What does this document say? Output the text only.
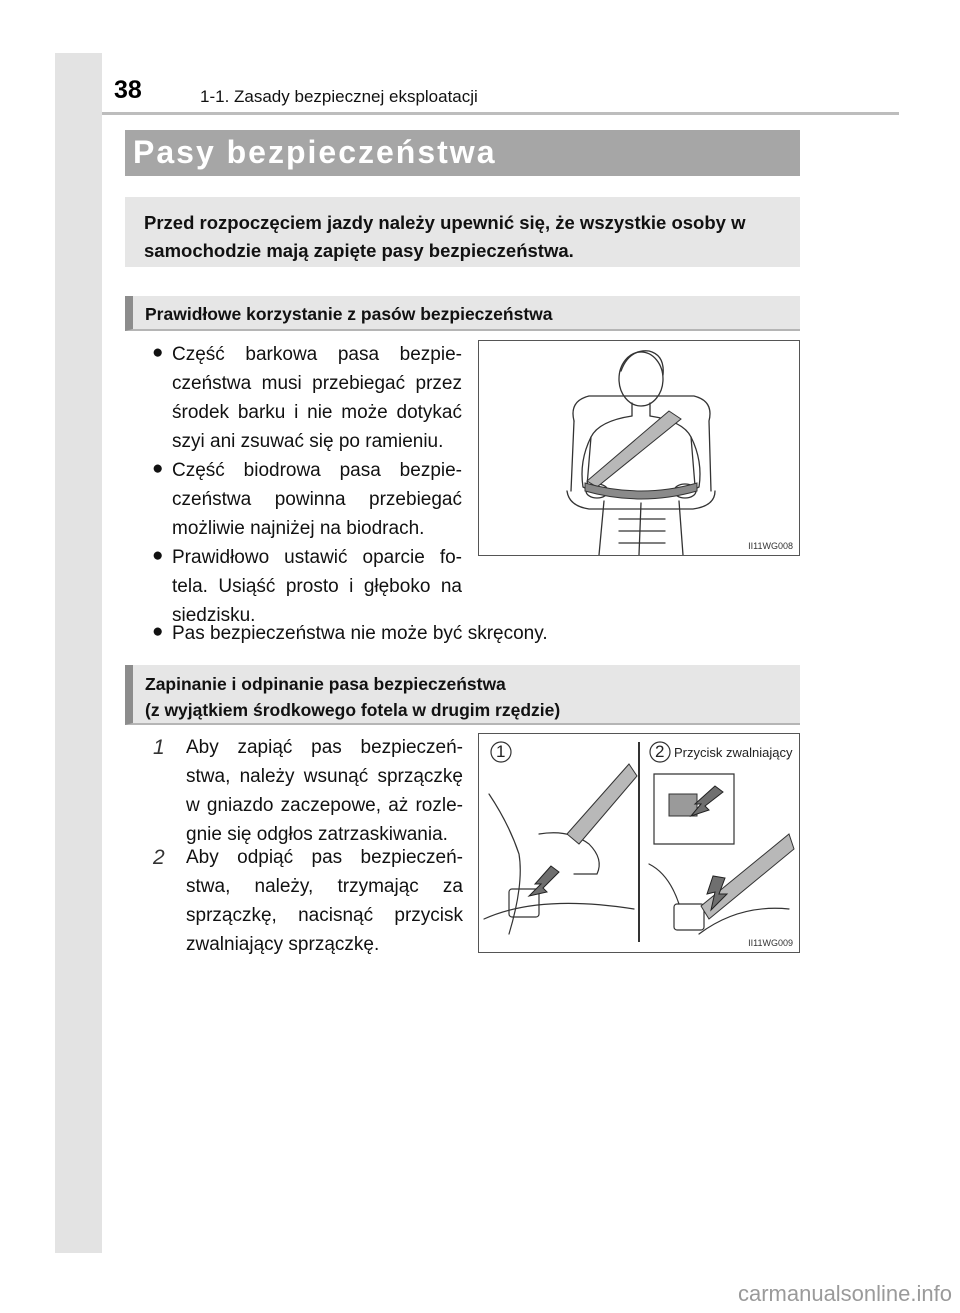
38	1-1. Zasady bezpiecznej eksploatacji
Pasy bezpieczeństwa
Przed rozpoczęciem jazdy należy upewnić się, że wszystkie osoby w samochodzie mają zapięte pasy bezpieczeństwa.
Prawidłowe korzystanie z pasów bezpieczeństwa
● Część barkowa pasa bezpie-czeństwa musi przebiegać przez środek barku i nie może dotykać szyi ani zsuwać się po ramieniu.
● Część biodrowa pasa bezpie-czeństwa powinna przebiegać możliwie najniżej na biodrach.
● Prawidłowo ustawić oparcie fo-tela. Usiąść prosto i głęboko na siedzisku.
● Pas bezpieczeństwa nie może być skręcony.
II11WG008
Zapinanie i odpinanie pasa bezpieczeństwa
(z wyjątkiem środkowego fotela w drugim rzędzie)
1	Aby zapiąć pas bezpieczeń-stwa, należy wsunąć sprzączkę w gniazdo zaczepowe, aż rozle-gnie się odgłos zatrzaskiwania.
2	Aby odpiąć pas bezpieczeń-stwa, należy, trzymając za sprzączkę, nacisnąć przycisk zwalniający sprzączkę.
1	2
II11WG009
Przycisk zwalniający
carmanualsonline.info
